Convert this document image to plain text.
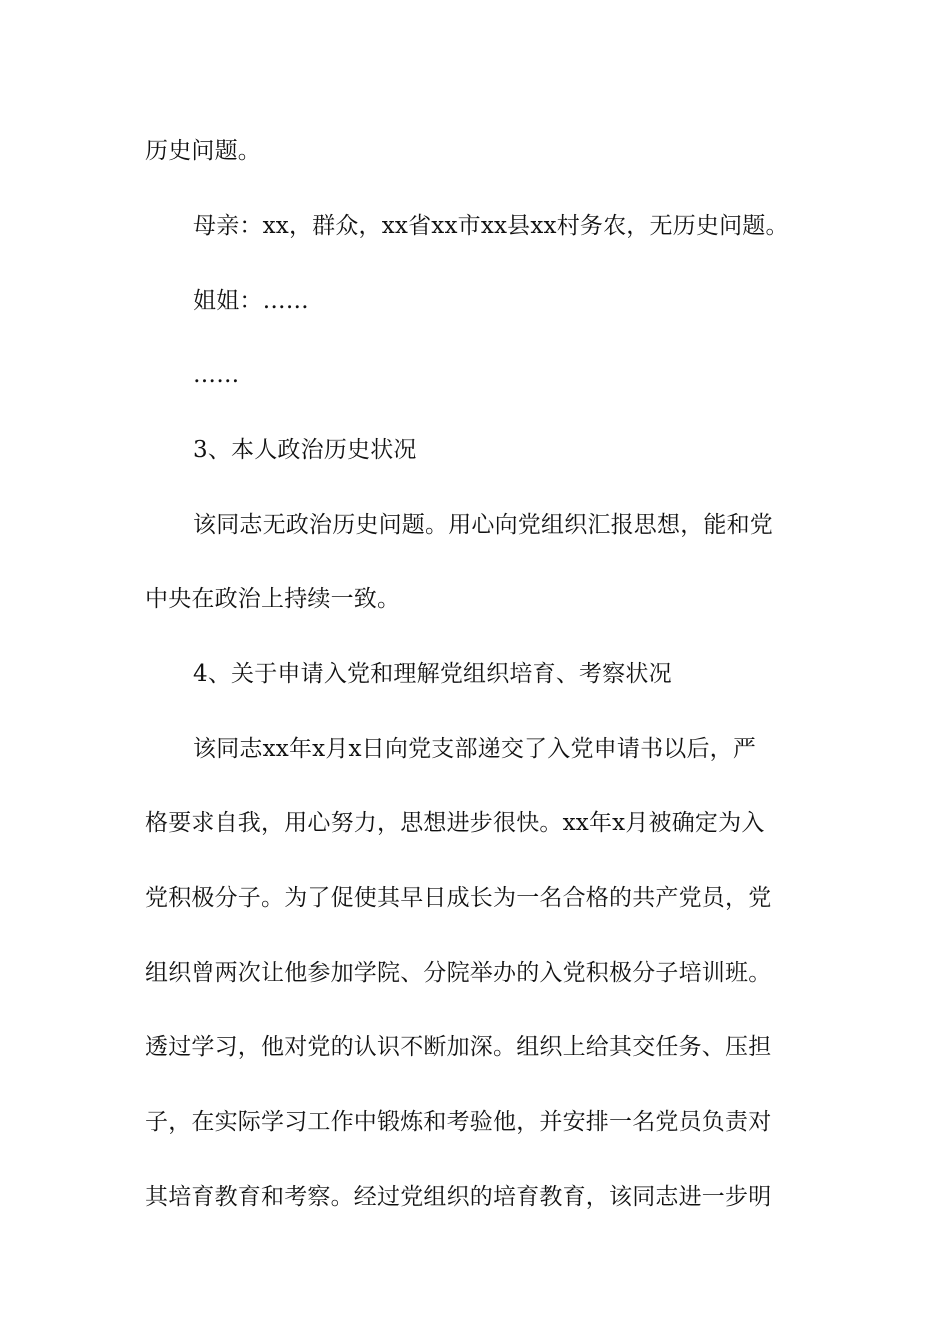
历史问题。
母亲：xx，群众，xx省xx市xx县xx村务农，无历史问题。
姐姐：……
……
3、本人政治历史状况
该同志无政治历史问题。用心向党组织汇报思想，能和党
中央在政治上持续一致。
4、关于申请入党和理解党组织培育、考察状况
该同志xx年x月x日向党支部递交了入党申请书以后，严
格要求自我，用心努力，思想进步很快。xx年x月被确定为入
党积极分子。为了促使其早日成长为一名合格的共产党员，党
组织曾两次让他参加学院、分院举办的入党积极分子培训班。
透过学习，他对党的认识不断加深。组织上给其交任务、压担
子，在实际学习工作中锻炼和考验他，并安排一名党员负责对
其培育教育和考察。经过党组织的培育教育，该同志进一步明
